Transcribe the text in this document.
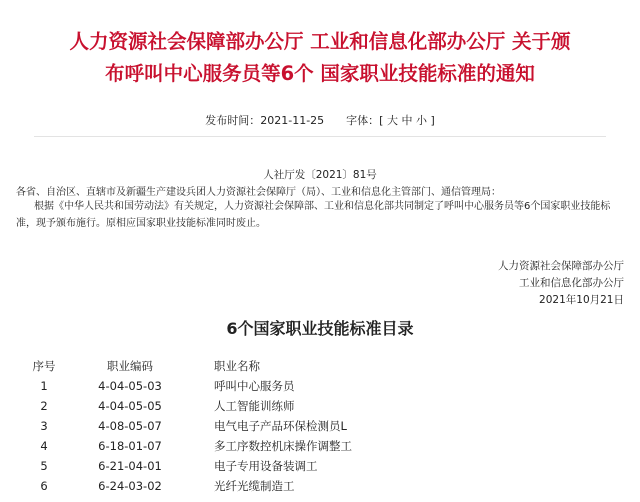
人力资源社会保障部办公厅 工业和信息化部办公厅 关于颁
布呼叫中心服务员等6个 国家职业技能标准的通知
发布时间：2021-11-25 字体：[ 大 中 小 ]
人社厅发〔2021〕81号
各省、自治区、直辖市及新疆生产建设兵团人力资源社会保障厅（局）、工业和信息化主管部门、通信管理局：

根据《中华人民共和国劳动法》有关规定，人力资源社会保障部、工业和信息化部共同制定了呼叫中心服务员等6个国家职业技能标准，现予颁布施行。原相应国家职业技能标准同时废止。

人力资源社会保障部办公厅
工业和信息化部办公厅
2021年10月21日
6个国家职业技能标准目录
序号	职业编码	职业名称
1	4-04-05-03	呼叫中心服务员
2	4-04-05-05	人工智能训练师
3	4-08-05-07	电气电子产品环保检测员L
4	6-18-01-07	多工序数控机床操作调整工
5	6-21-04-01	电子专用设备装调工
6	6-24-03-02	光纤光缆制造工
